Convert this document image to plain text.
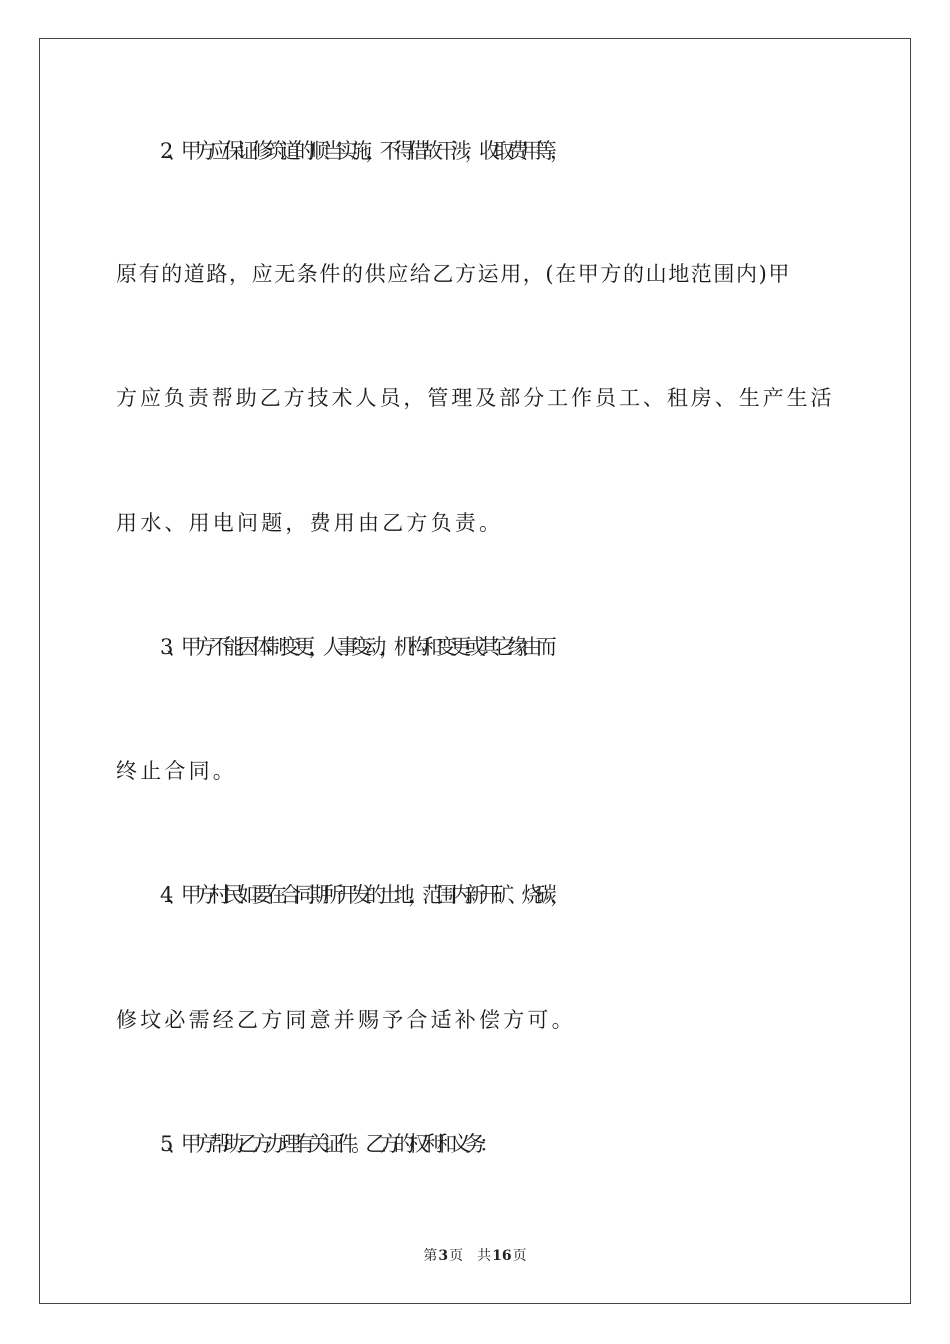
2、甲方应保证修筑道的顺当实施，不得借故干涉，收取费用等，
原有的道路，应无条件的供应给乙方运用，(在甲方的山地范围内)甲
方应负责帮助乙方技术人员，管理及部分工作员工、租房、生产生活
用水、用电问题，费用由乙方负责。
3、甲方不能因体制变更，人事变动，机构和变更或其它缘由而
终止合同。
4、甲方村民如要在合同期所开发的土地，范围内新开矿、烧碳，
修坟必需经乙方同意并赐予合适补偿方可。
5、甲方帮助乙方办理有关证件。乙方的权利和义务：
第3页 共16页
